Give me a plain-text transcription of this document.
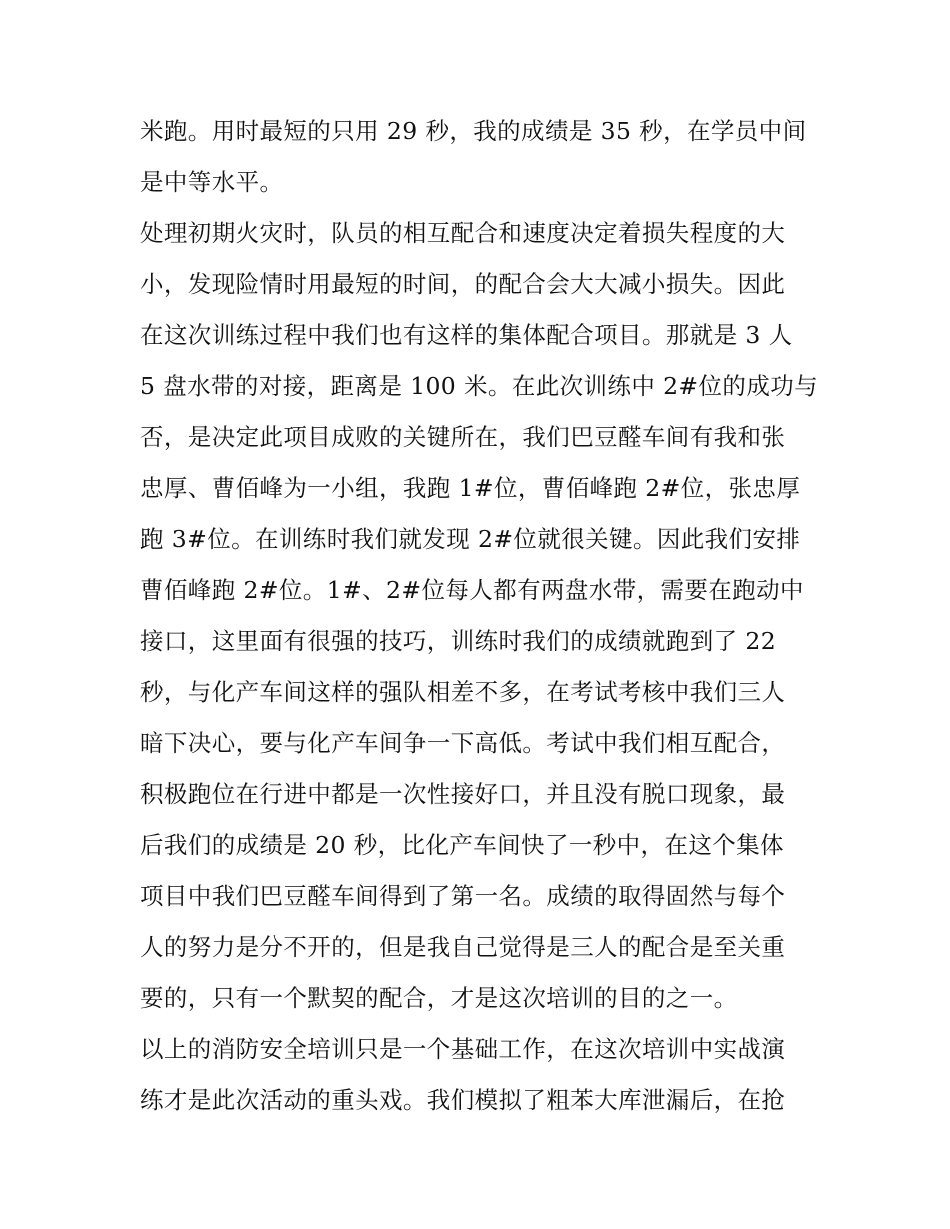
米跑。用时最短的只用 29 秒，我的成绩是 35 秒，在学员中间
是中等水平。
处理初期火灾时，队员的相互配合和速度决定着损失程度的大
小，发现险情时用最短的时间，的配合会大大减小损失。因此
在这次训练过程中我们也有这样的集体配合项目。那就是 3 人
5 盘水带的对接，距离是 100 米。在此次训练中 2#位的成功与
否，是决定此项目成败的关键所在，我们巴豆醛车间有我和张
忠厚、曹佰峰为一小组，我跑 1#位，曹佰峰跑 2#位，张忠厚
跑 3#位。在训练时我们就发现 2#位就很关键。因此我们安排
曹佰峰跑 2#位。1#、2#位每人都有两盘水带，需要在跑动中
接口，这里面有很强的技巧，训练时我们的成绩就跑到了 22
秒，与化产车间这样的强队相差不多，在考试考核中我们三人
暗下决心，要与化产车间争一下高低。考试中我们相互配合，
积极跑位在行进中都是一次性接好口，并且没有脱口现象，最
后我们的成绩是 20 秒，比化产车间快了一秒中，在这个集体
项目中我们巴豆醛车间得到了第一名。成绩的取得固然与每个
人的努力是分不开的，但是我自己觉得是三人的配合是至关重
要的，只有一个默契的配合，才是这次培训的目的之一。
以上的消防安全培训只是一个基础工作，在这次培训中实战演
练才是此次活动的重头戏。我们模拟了粗苯大库泄漏后，在抢
